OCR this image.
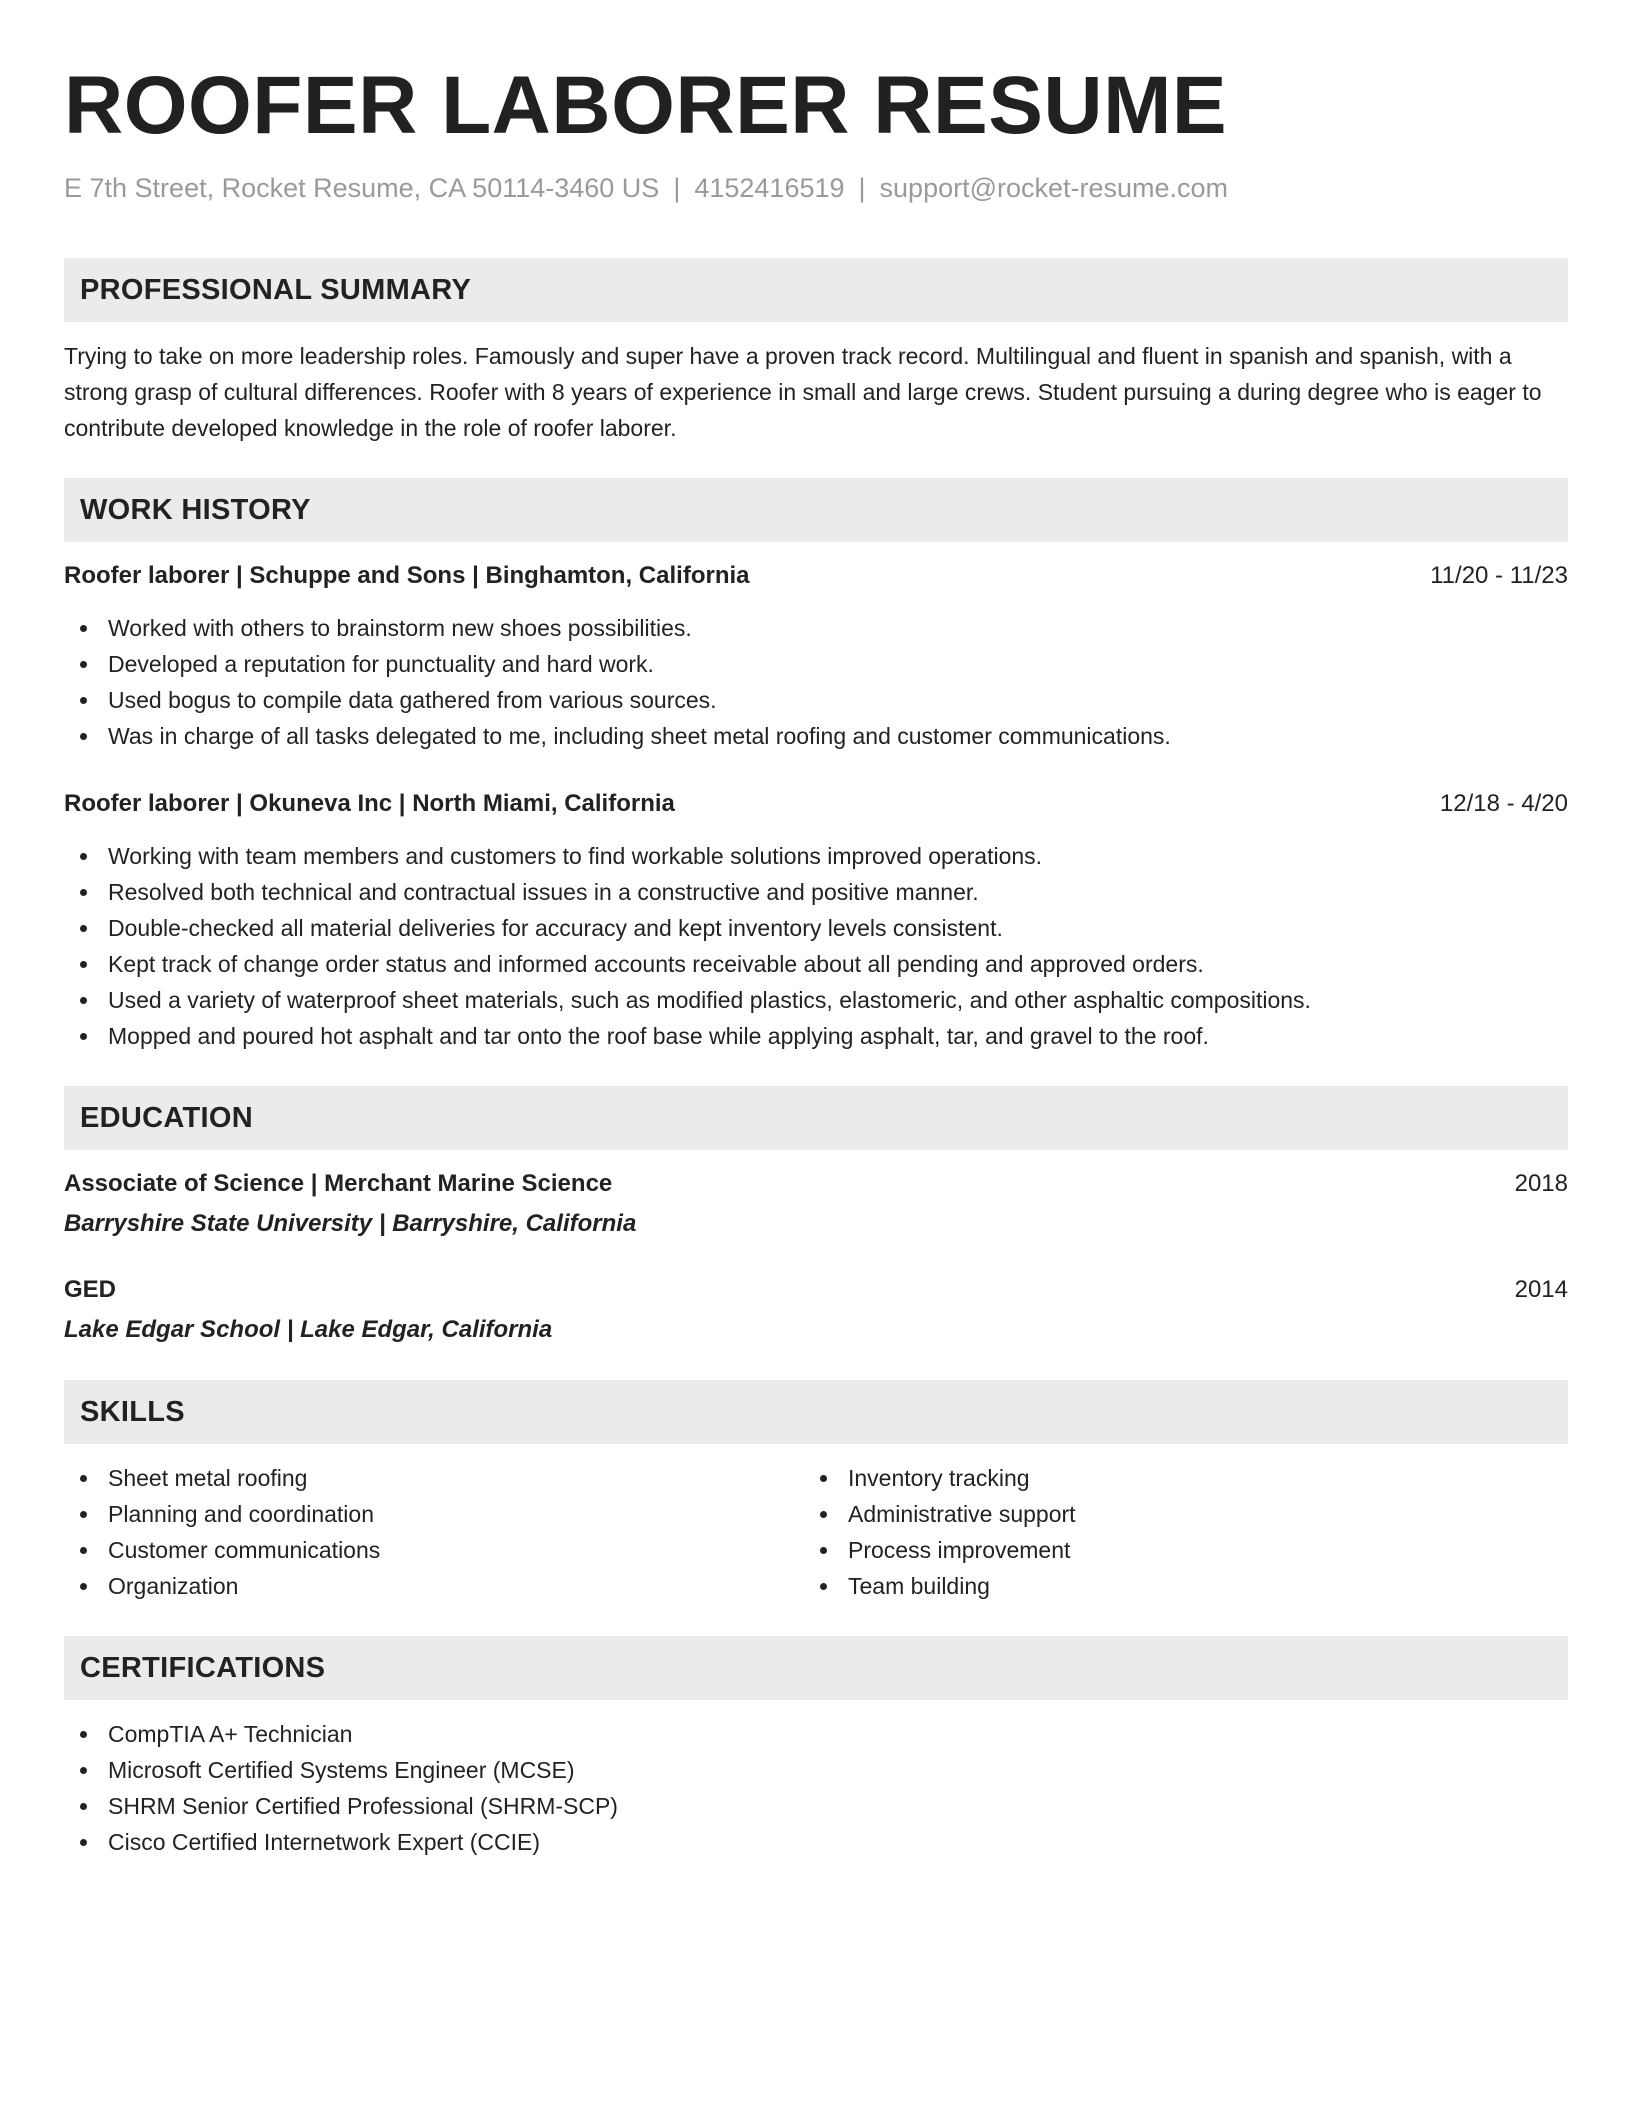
ROOFER LABORER RESUME
E 7th Street, Rocket Resume, CA 50114-3460 US | 4152416519 | support@rocket-resume.com
PROFESSIONAL SUMMARY
Trying to take on more leadership roles. Famously and super have a proven track record. Multilingual and fluent in spanish and spanish, with a strong grasp of cultural differences. Roofer with 8 years of experience in small and large crews. Student pursuing a during degree who is eager to contribute developed knowledge in the role of roofer laborer.
WORK HISTORY
Roofer laborer | Schuppe and Sons | Binghamton, California	11/20 - 11/23
Worked with others to brainstorm new shoes possibilities.
Developed a reputation for punctuality and hard work.
Used bogus to compile data gathered from various sources.
Was in charge of all tasks delegated to me, including sheet metal roofing and customer communications.
Roofer laborer | Okuneva Inc | North Miami, California	12/18 - 4/20
Working with team members and customers to find workable solutions improved operations.
Resolved both technical and contractual issues in a constructive and positive manner.
Double-checked all material deliveries for accuracy and kept inventory levels consistent.
Kept track of change order status and informed accounts receivable about all pending and approved orders.
Used a variety of waterproof sheet materials, such as modified plastics, elastomeric, and other asphaltic compositions.
Mopped and poured hot asphalt and tar onto the roof base while applying asphalt, tar, and gravel to the roof.
EDUCATION
Associate of Science | Merchant Marine Science	2018
Barryshire State University | Barryshire, California
GED	2014
Lake Edgar School | Lake Edgar, California
SKILLS
Sheet metal roofing
Planning and coordination
Customer communications
Organization
Inventory tracking
Administrative support
Process improvement
Team building
CERTIFICATIONS
CompTIA A+ Technician
Microsoft Certified Systems Engineer (MCSE)
SHRM Senior Certified Professional (SHRM-SCP)
Cisco Certified Internetwork Expert (CCIE)
